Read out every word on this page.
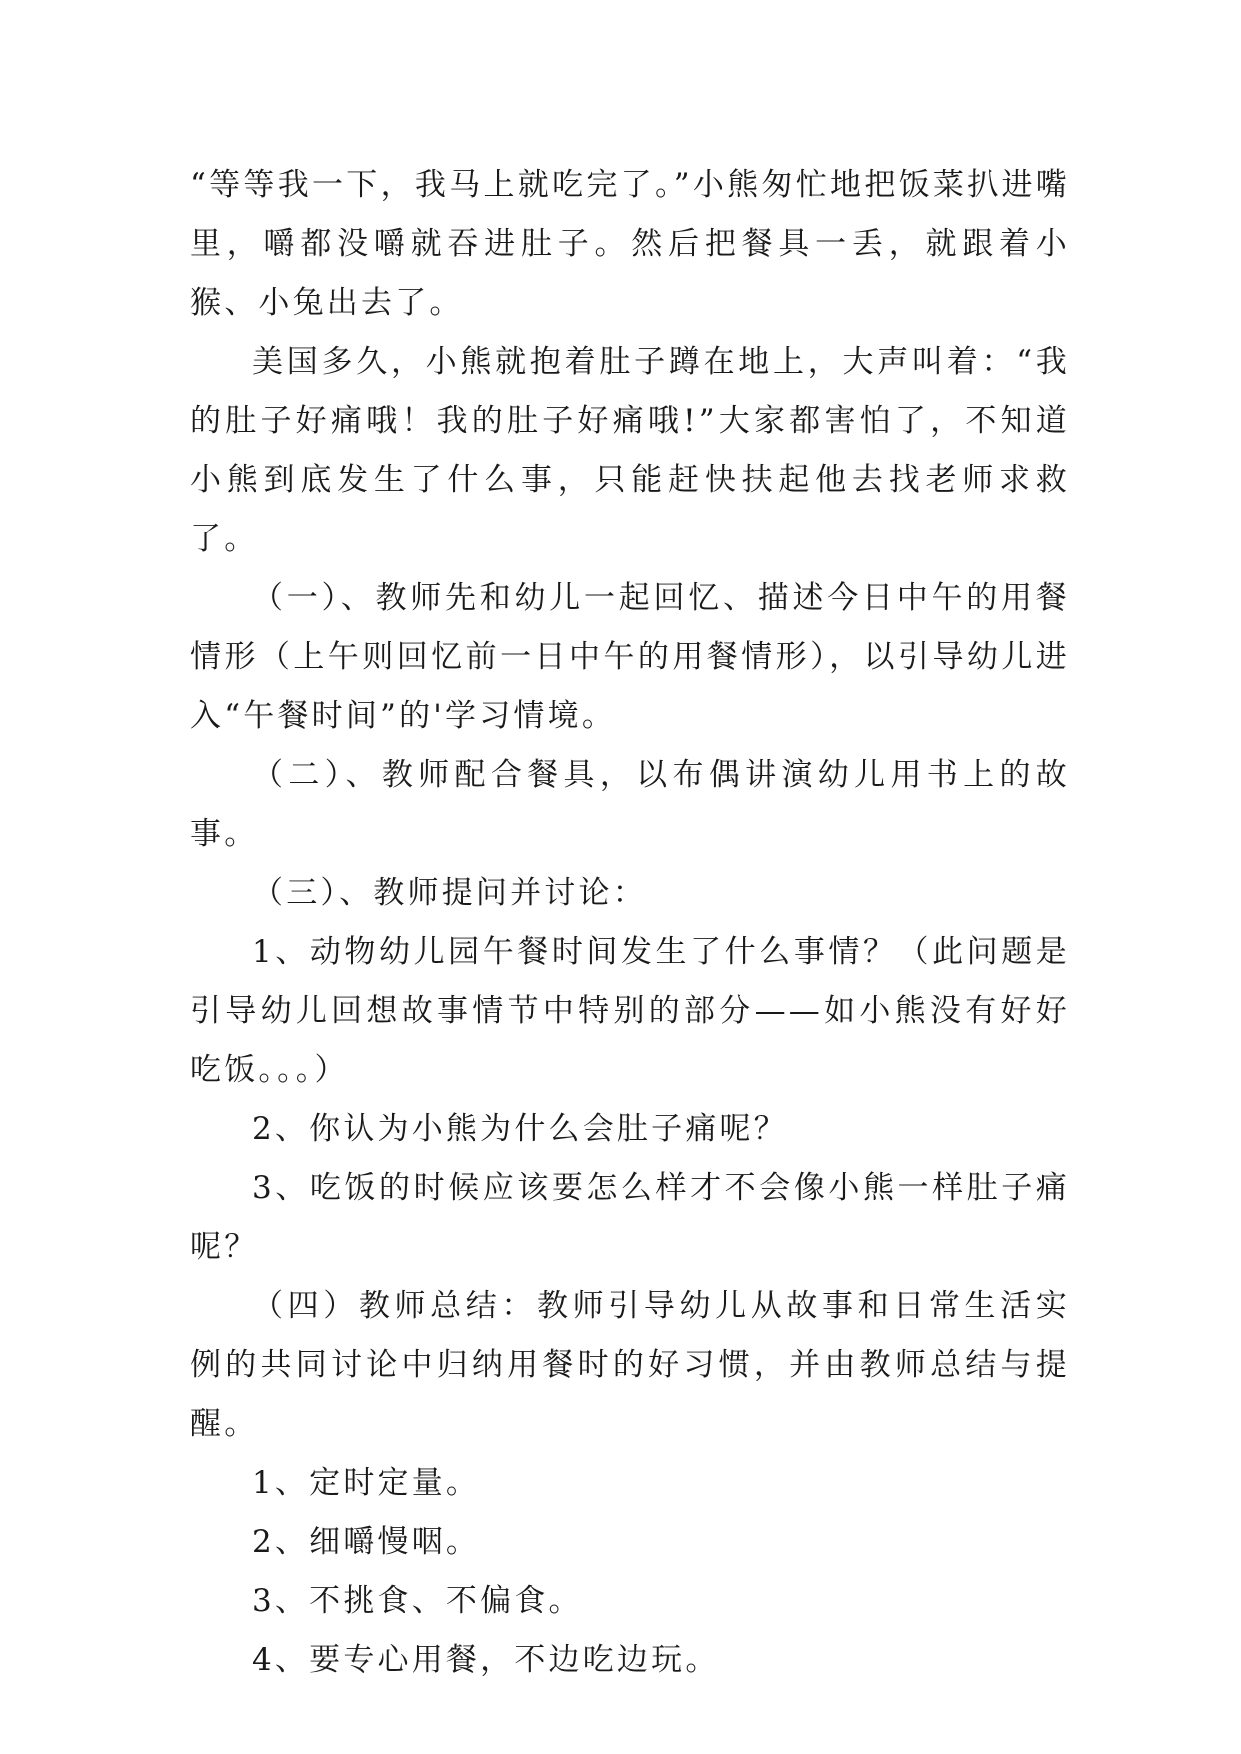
“等等我一下，我马上就吃完了。”小熊匆忙地把饭菜扒进嘴里，嚼都没嚼就吞进肚子。然后把餐具一丢，就跟着小猴、小兔出去了。

美国多久，小熊就抱着肚子蹲在地上，大声叫着：“我的肚子好痛哦！我的肚子好痛哦!”大家都害怕了，不知道小熊到底发生了什么事，只能赶快扶起他去找老师求救了。

（一）、教师先和幼儿一起回忆、描述今日中午的用餐情形（上午则回忆前一日中午的用餐情形），以引导幼儿进入“午餐时间”的'学习情境。

（二）、教师配合餐具，以布偶讲演幼儿用书上的故事。

（三）、教师提问并讨论：

1、动物幼儿园午餐时间发生了什么事情？（此问题是引导幼儿回想故事情节中特别的部分——如小熊没有好好吃饭。。。）

2、你认为小熊为什么会肚子痛呢？

3、吃饭的时候应该要怎么样才不会像小熊一样肚子痛呢？

（四）教师总结：教师引导幼儿从故事和日常生活实例的共同讨论中归纳用餐时的好习惯，并由教师总结与提醒。

1、定时定量。

2、细嚼慢咽。

3、不挑食、不偏食。

4、要专心用餐，不边吃边玩。
